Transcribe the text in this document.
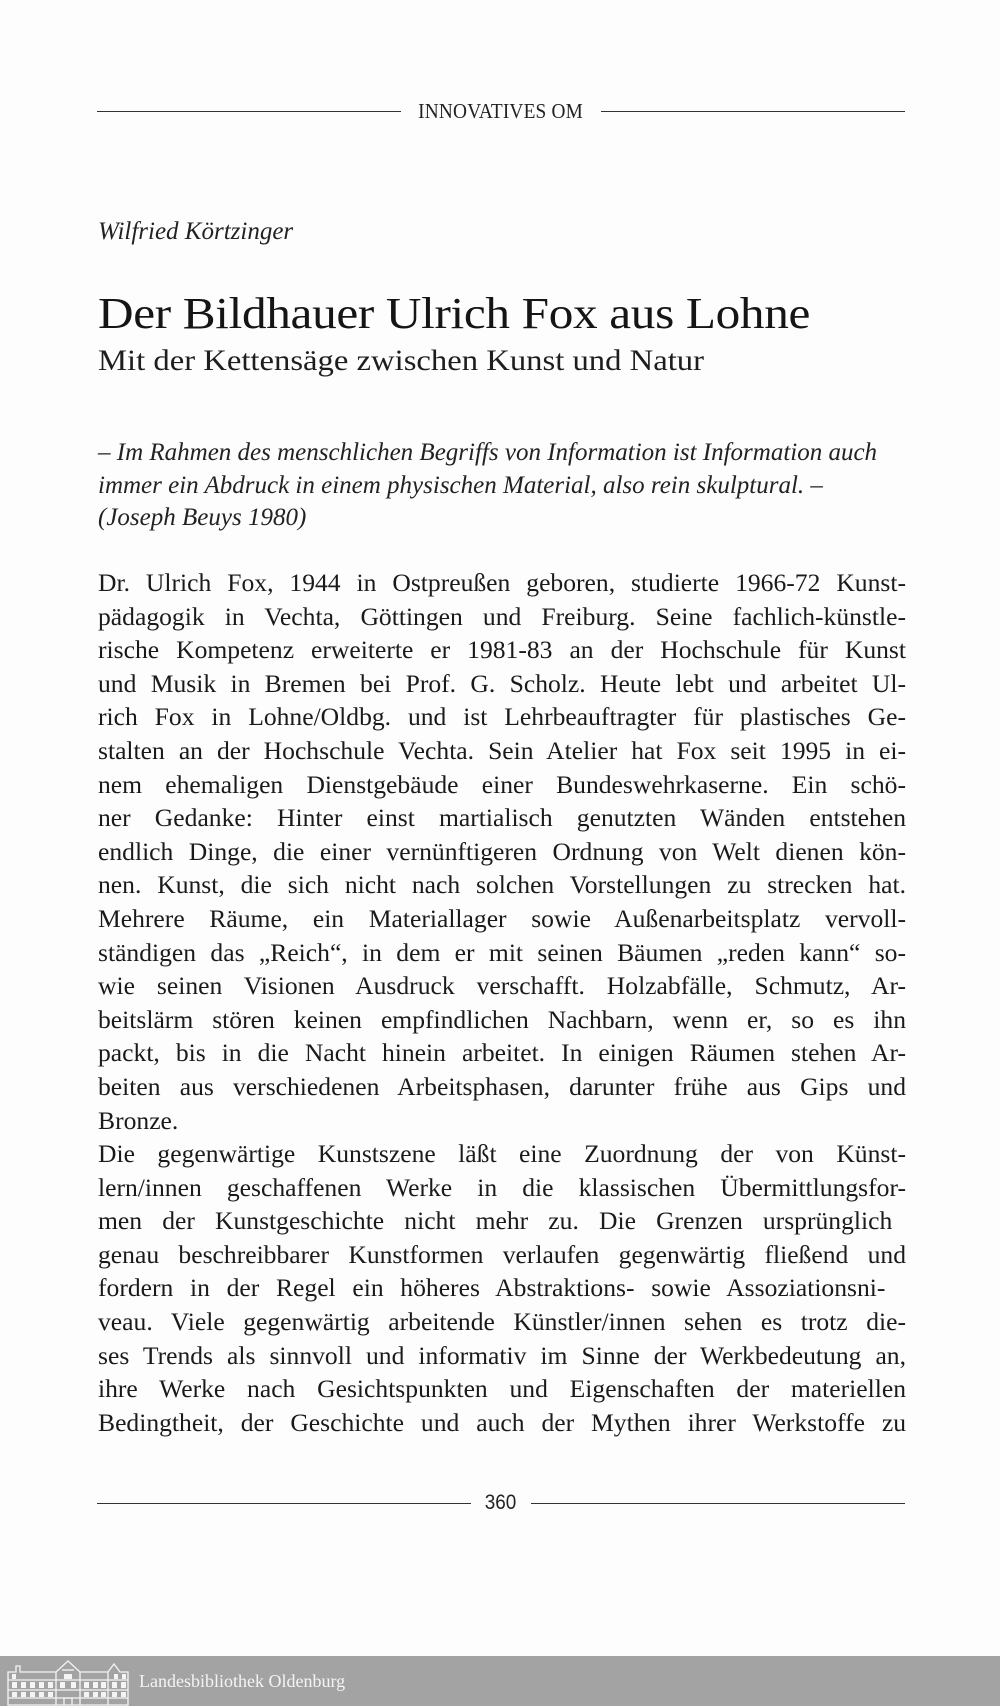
INNOVATIVES OM
Wilfried Körtzinger
Der Bildhauer Ulrich Fox aus Lohne
Mit der Kettensäge zwischen Kunst und Natur
– Im Rahmen des menschlichen Begriffs von Information ist Information auch
immer ein Abdruck in einem physischen Material, also rein skulptural. –
(Joseph Beuys 1980)
Dr. Ulrich Fox, 1944 in Ostpreußen geboren, studierte 1966-72 Kunst-
pädagogik in Vechta, Göttingen und Freiburg. Seine fachlich-künstle-
rische Kompetenz erweiterte er 1981-83 an der Hochschule für Kunst
und Musik in Bremen bei Prof. G. Scholz. Heute lebt und arbeitet Ul-
rich Fox in Lohne/Oldbg. und ist Lehrbeauftragter für plastisches Ge-
stalten an der Hochschule Vechta. Sein Atelier hat Fox seit 1995 in ei-
nem ehemaligen Dienstgebäude einer Bundeswehrkaserne. Ein schö-
ner Gedanke: Hinter einst martialisch genutzten Wänden entstehen
endlich Dinge, die einer vernünftigeren Ordnung von Welt dienen kön-
nen. Kunst, die sich nicht nach solchen Vorstellungen zu strecken hat.
Mehrere Räume, ein Materiallager sowie Außenarbeitsplatz vervoll-
ständigen das „Reich“, in dem er mit seinen Bäumen „reden kann“ so-
wie seinen Visionen Ausdruck verschafft. Holzabfälle, Schmutz, Ar-
beitslärm stören keinen empfindlichen Nachbarn, wenn er, so es ihn
packt, bis in die Nacht hinein arbeitet. In einigen Räumen stehen Ar-
beiten aus verschiedenen Arbeitsphasen, darunter frühe aus Gips und
Bronze.
Die gegenwärtige Kunstszene läßt eine Zuordnung der von Künst-
lern/innen geschaffenen Werke in die klassischen Übermittlungsfor-
men der Kunstgeschichte nicht mehr zu. Die Grenzen ursprünglich
genau beschreibbarer Kunstformen verlaufen gegenwärtig fließend und
fordern in der Regel ein höheres Abstraktions- sowie Assoziationsni-
veau. Viele gegenwärtig arbeitende Künstler/innen sehen es trotz die-
ses Trends als sinnvoll und informativ im Sinne der Werkbedeutung an,
ihre Werke nach Gesichtspunkten und Eigenschaften der materiellen
Bedingtheit, der Geschichte und auch der Mythen ihrer Werkstoffe zu
360
Landesbibliothek Oldenburg
